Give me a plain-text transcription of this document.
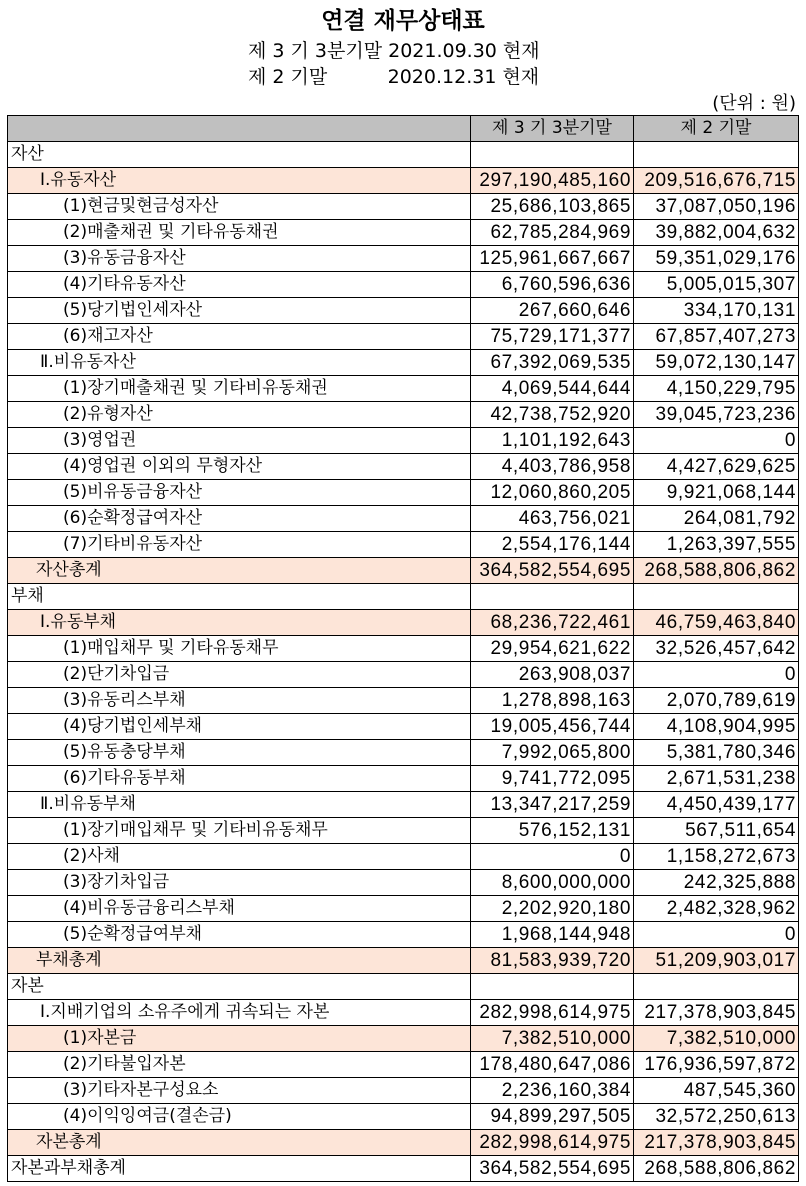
연결 재무상태표
제 3 기 3분기말 2021.09.30 현재
제 2 기말          2020.12.31 현재
(단위 : 원)
	제 3 기 3분기말	제 2 기말
자산		
Ⅰ.유동자산	297,190,485,160	209,516,676,715
(1)현금및현금성자산	25,686,103,865	37,087,050,196
(2)매출채권 및 기타유동채권	62,785,284,969	39,882,004,632
(3)유동금융자산	125,961,667,667	59,351,029,176
(4)기타유동자산	6,760,596,636	5,005,015,307
(5)당기법인세자산	267,660,646	334,170,131
(6)재고자산	75,729,171,377	67,857,407,273
Ⅱ.비유동자산	67,392,069,535	59,072,130,147
(1)장기매출채권 및 기타비유동채권	4,069,544,644	4,150,229,795
(2)유형자산	42,738,752,920	39,045,723,236
(3)영업권	1,101,192,643	0
(4)영업권 이외의 무형자산	4,403,786,958	4,427,629,625
(5)비유동금융자산	12,060,860,205	9,921,068,144
(6)순확정급여자산	463,756,021	264,081,792
(7)기타비유동자산	2,554,176,144	1,263,397,555
자산총계	364,582,554,695	268,588,806,862
부채		
Ⅰ.유동부채	68,236,722,461	46,759,463,840
(1)매입채무 및 기타유동채무	29,954,621,622	32,526,457,642
(2)단기차입금	263,908,037	0
(3)유동리스부채	1,278,898,163	2,070,789,619
(4)당기법인세부채	19,005,456,744	4,108,904,995
(5)유동충당부채	7,992,065,800	5,381,780,346
(6)기타유동부채	9,741,772,095	2,671,531,238
Ⅱ.비유동부채	13,347,217,259	4,450,439,177
(1)장기매입채무 및 기타비유동채무	576,152,131	567,511,654
(2)사채	0	1,158,272,673
(3)장기차입금	8,600,000,000	242,325,888
(4)비유동금융리스부채	2,202,920,180	2,482,328,962
(5)순확정급여부채	1,968,144,948	0
부채총계	81,583,939,720	51,209,903,017
자본		
Ⅰ.지배기업의 소유주에게 귀속되는 자본	282,998,614,975	217,378,903,845
(1)자본금	7,382,510,000	7,382,510,000
(2)기타불입자본	178,480,647,086	176,936,597,872
(3)기타자본구성요소	2,236,160,384	487,545,360
(4)이익잉여금(결손금)	94,899,297,505	32,572,250,613
자본총계	282,998,614,975	217,378,903,845
자본과부채총계	364,582,554,695	268,588,806,862
